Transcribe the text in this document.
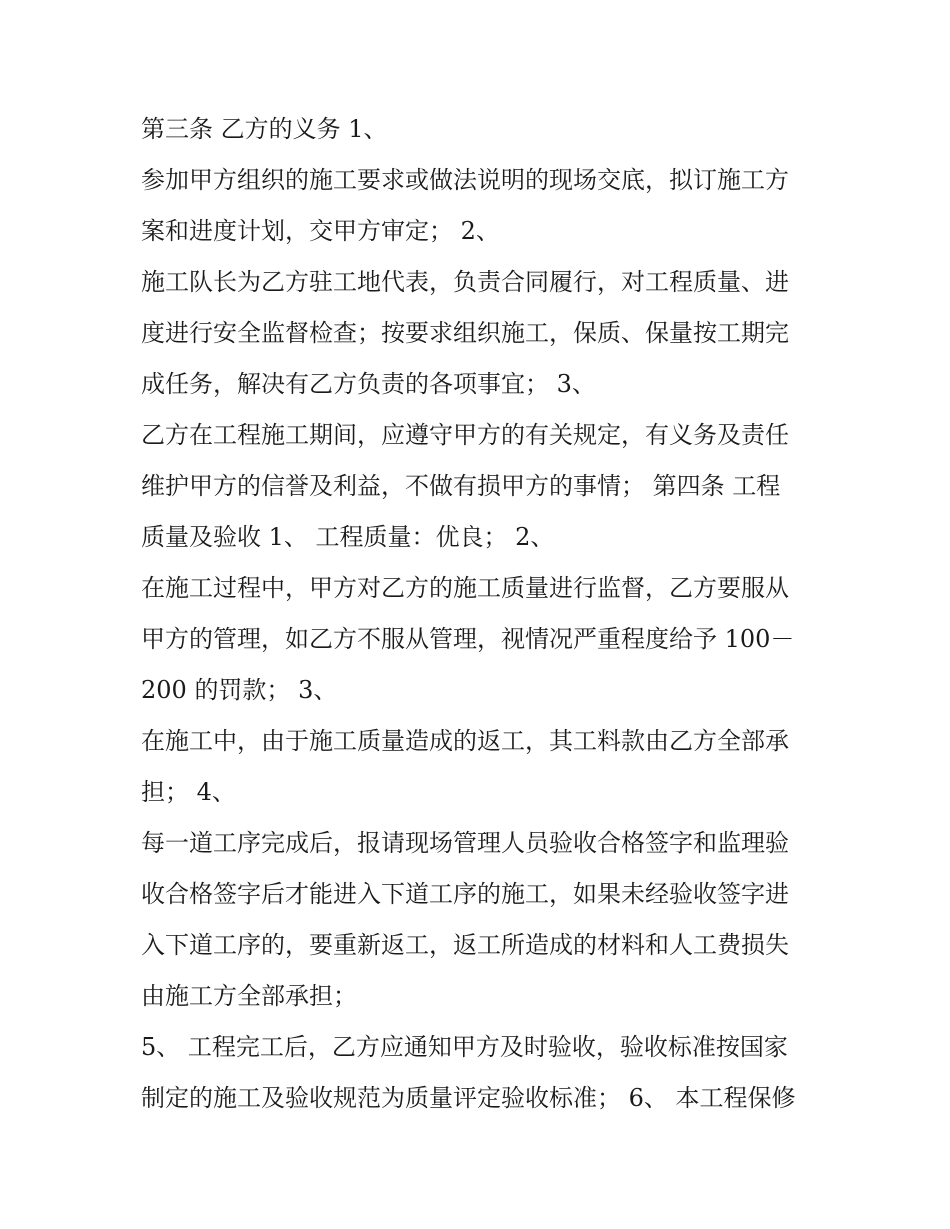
第三条 乙方的义务 1、
参加甲方组织的施工要求或做法说明的现场交底，拟订施工方
案和进度计划，交甲方审定； 2、
施工队长为乙方驻工地代表，负责合同履行，对工程质量、进
度进行安全监督检查；按要求组织施工，保质、保量按工期完
成任务，解决有乙方负责的各项事宜； 3、
乙方在工程施工期间，应遵守甲方的有关规定，有义务及责任
维护甲方的信誉及利益，不做有损甲方的事情； 第四条 工程
质量及验收 1、 工程质量：优良； 2、
在施工过程中，甲方对乙方的施工质量进行监督，乙方要服从
甲方的管理，如乙方不服从管理，视情况严重程度给予 100－
200 的罚款； 3、
在施工中，由于施工质量造成的返工，其工料款由乙方全部承
担； 4、
每一道工序完成后，报请现场管理人员验收合格签字和监理验
收合格签字后才能进入下道工序的施工，如果未经验收签字进
入下道工序的，要重新返工，返工所造成的材料和人工费损失
由施工方全部承担；
5、 工程完工后，乙方应通知甲方及时验收，验收标准按国家
制定的施工及验收规范为质量评定验收标准； 6、 本工程保修
